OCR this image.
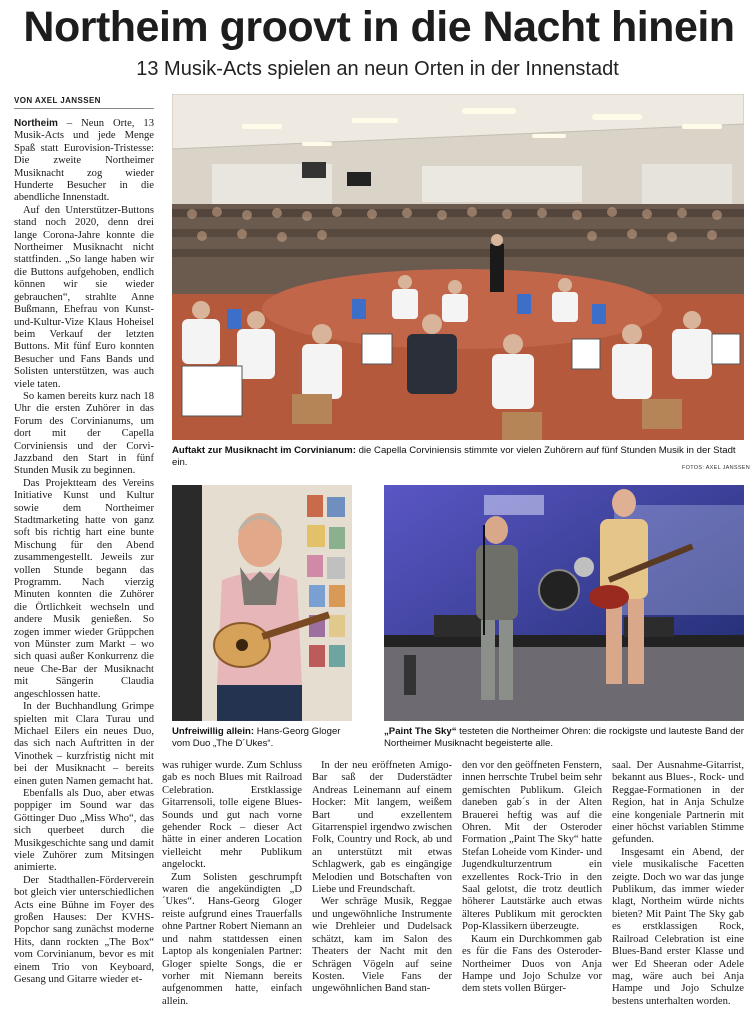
Northeim groovt in die Nacht hinein
13 Musik-Acts spielen an neun Orten in der Innenstadt
VON AXEL JANSSEN

Northeim – Neun Orte, 13 Musik-Acts und jede Menge Spaß statt Eurovision-Tristesse: Die zweite Northeimer Musiknacht zog wieder Hunderte Besucher in die abendliche Innenstadt.

Auf den Unterstützer-Buttons stand noch 2020, denn drei lange Corona-Jahre konnte die Northeimer Musiknacht nicht stattfinden. „So lange haben wir die Buttons aufgehoben, endlich können wir sie wieder gebrauchen“, strahlte Anne Bußmann, Ehefrau von Kunst-und-Kultur-Vize Klaus Hoheisel beim Verkauf der letzten Buttons. Mit fünf Euro konnten Besucher und Fans Bands und Solisten unterstützen, was auch viele taten.

So kamen bereits kurz nach 18 Uhr die ersten Zuhörer in das Forum des Corvinianums, um dort mit der Capella Corviniensis und der Corvi-Jazzband den Start in fünf Stunden Musik zu beginnen.

Das Projektteam des Vereins Initiative Kunst und Kultur sowie dem Northeimer Stadtmarketing hatte von ganz soft bis richtig hart eine bunte Mischung für den Abend zusammengestellt. Jeweils zur vollen Stunde begann das Programm. Nach vierzig Minuten konnten die Zuhörer die Örtlichkeit wechseln und andere Musik genießen. So zogen immer wieder Grüppchen von Münster zum Markt – wo sich quasi außer Konkurrenz die neue Che-Bar der Musiknacht mit Sängerin Claudia angeschlossen hatte.

In der Buchhandlung Grimpe spielten mit Clara Turau und Michael Eilers ein neues Duo, das sich nach Auftritten in der Vinothek – kurzfristig nicht mit bei der Musiknacht – bereits einen guten Namen gemacht hat.

Ebenfalls als Duo, aber etwas poppiger im Sound war das Göttinger Duo „Miss Who“, das sich querbeet durch die Musikgeschichte sang und damit viele Zuhörer zum Mitsingen animierte.

Der Stadthallen-Förderverein bot gleich vier unterschiedlichen Acts eine Bühne im Foyer des großen Hauses: Der KVHS-Popchor sang zunächst moderne Hits, dann rockten „The Box“ vom Corvinianum, bevor es mit einem Trio von Keyboard, Gesang und Gitarre wieder et-

Auftakt zur Musiknacht im Corvinianum: die Capella Corviniensis stimmte vor vielen Zuhörern auf fünf Stunden Musik in der Stadt ein.	FOTOS: AXEL JANSSEN
Unfreiwillig allein: Hans-Georg Gloger vom Duo „The D´Ukes“.
„Paint The Sky“ testeten die Northeimer Ohren: die rockigste und lauteste Band der Northeimer Musiknacht begeisterte alle.

was ruhiger wurde. Zum Schluss gab es noch Blues mit Railroad Celebration. Erstklassige Gitarrensoli, tolle eigene Blues-Sounds und gut nach vorne gehender Rock – dieser Act hätte in einer anderen Location vielleicht mehr Publikum angelockt.

Zum Solisten geschrumpft waren die angekündigten „D´Ukes“. Hans-Georg Gloger reiste aufgrund eines Trauerfalls ohne Partner Robert Niemann an und nahm stattdessen einen Laptop als kongenialen Partner: Gloger spielte Songs, die er vorher mit Niemann bereits aufgenommen hatte, einfach allein.

In der neu eröffneten Amigo-Bar saß der Duderstädter Andreas Leinemann auf einem Hocker: Mit langem, weißem Bart und exzellentem Gitarrenspiel irgendwo zwischen Folk, Country und Rock, ab und an unterstützt mit etwas Schlagwerk, gab es eingängige Melodien und Botschaften von Liebe und Freundschaft.

Wer schräge Musik, Reggae und ungewöhnliche Instrumente wie Drehleier und Dudelsack schätzt, kam im Salon des Theaters der Nacht mit den Schrägen Vögeln auf seine Kosten. Viele Fans der ungewöhnlichen Band stan-

den vor den geöffneten Fenstern, innen herrschte Trubel beim sehr gemischten Publikum. Gleich daneben gab´s in der Alten Brauerei heftig was auf die Ohren. Mit der Osteroder Formation „Paint The Sky“ hatte Stefan Loheide vom Kinder- und Jugendkulturzentrum ein exzellentes Rock-Trio in den Saal gelotst, die trotz deutlich höherer Lautstärke auch etwas älteres Publikum mit gerockten Pop-Klassikern überzeugte.

Kaum ein Durchkommen gab es für die Fans des Osteroder-Northeimer Duos von Anja Hampe und Jojo Schulze vor dem stets vollen Bürger-

saal. Der Ausnahme-Gitarrist, bekannt aus Blues-, Rock- und Reggae-Formationen in der Region, hat in Anja Schulze eine kongeniale Partnerin mit einer höchst variablen Stimme gefunden.

Insgesamt ein Abend, der viele musikalische Facetten zeigte. Doch wo war das junge Publikum, das immer wieder klagt, Northeim würde nichts bieten? Mit Paint The Sky gab es erstklassigen Rock, Railroad Celebration ist eine Blues-Band erster Klasse und wer Ed Sheeran oder Adele mag, wäre auch bei Anja Hampe und Jojo Schulze bestens unterhalten worden.
